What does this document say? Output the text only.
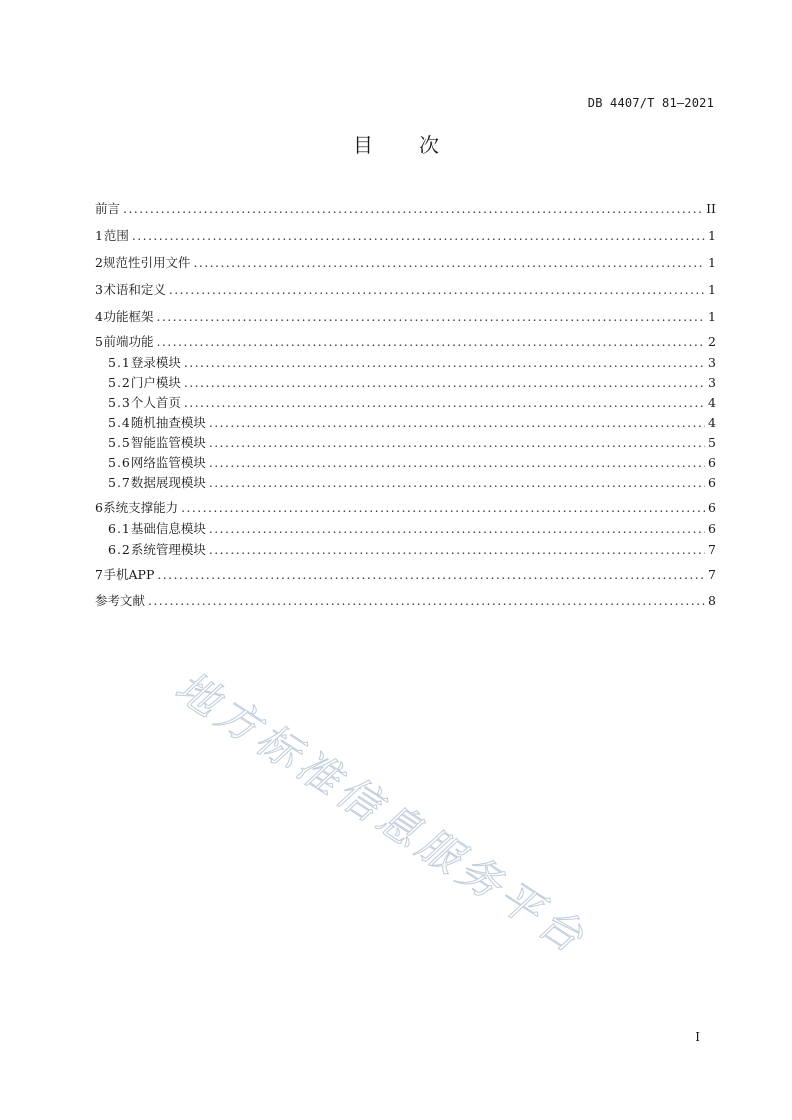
DB 4407/T 81—2021
目 次
前言 .....	II
1 范围 .....	1
2 规范性引用文件 .....	1
3 术语和定义 .....	1
4 功能框架 .....	1
5 前端功能 .....	2
5.1 登录模块 .....	3
5.2 门户模块 .....	3
5.3 个人首页 .....	4
5.4 随机抽查模块 .....	4
5.5 智能监管模块 .....	5
5.6 网络监管模块 .....	6
5.7 数据展现模块 .....	6
6 系统支撑能力 .....	6
6.1 基础信息模块 .....	6
6.2 系统管理模块 .....	7
7 手机APP .....	7
参考文献 .....	8
地方标准信息服务平台
I
